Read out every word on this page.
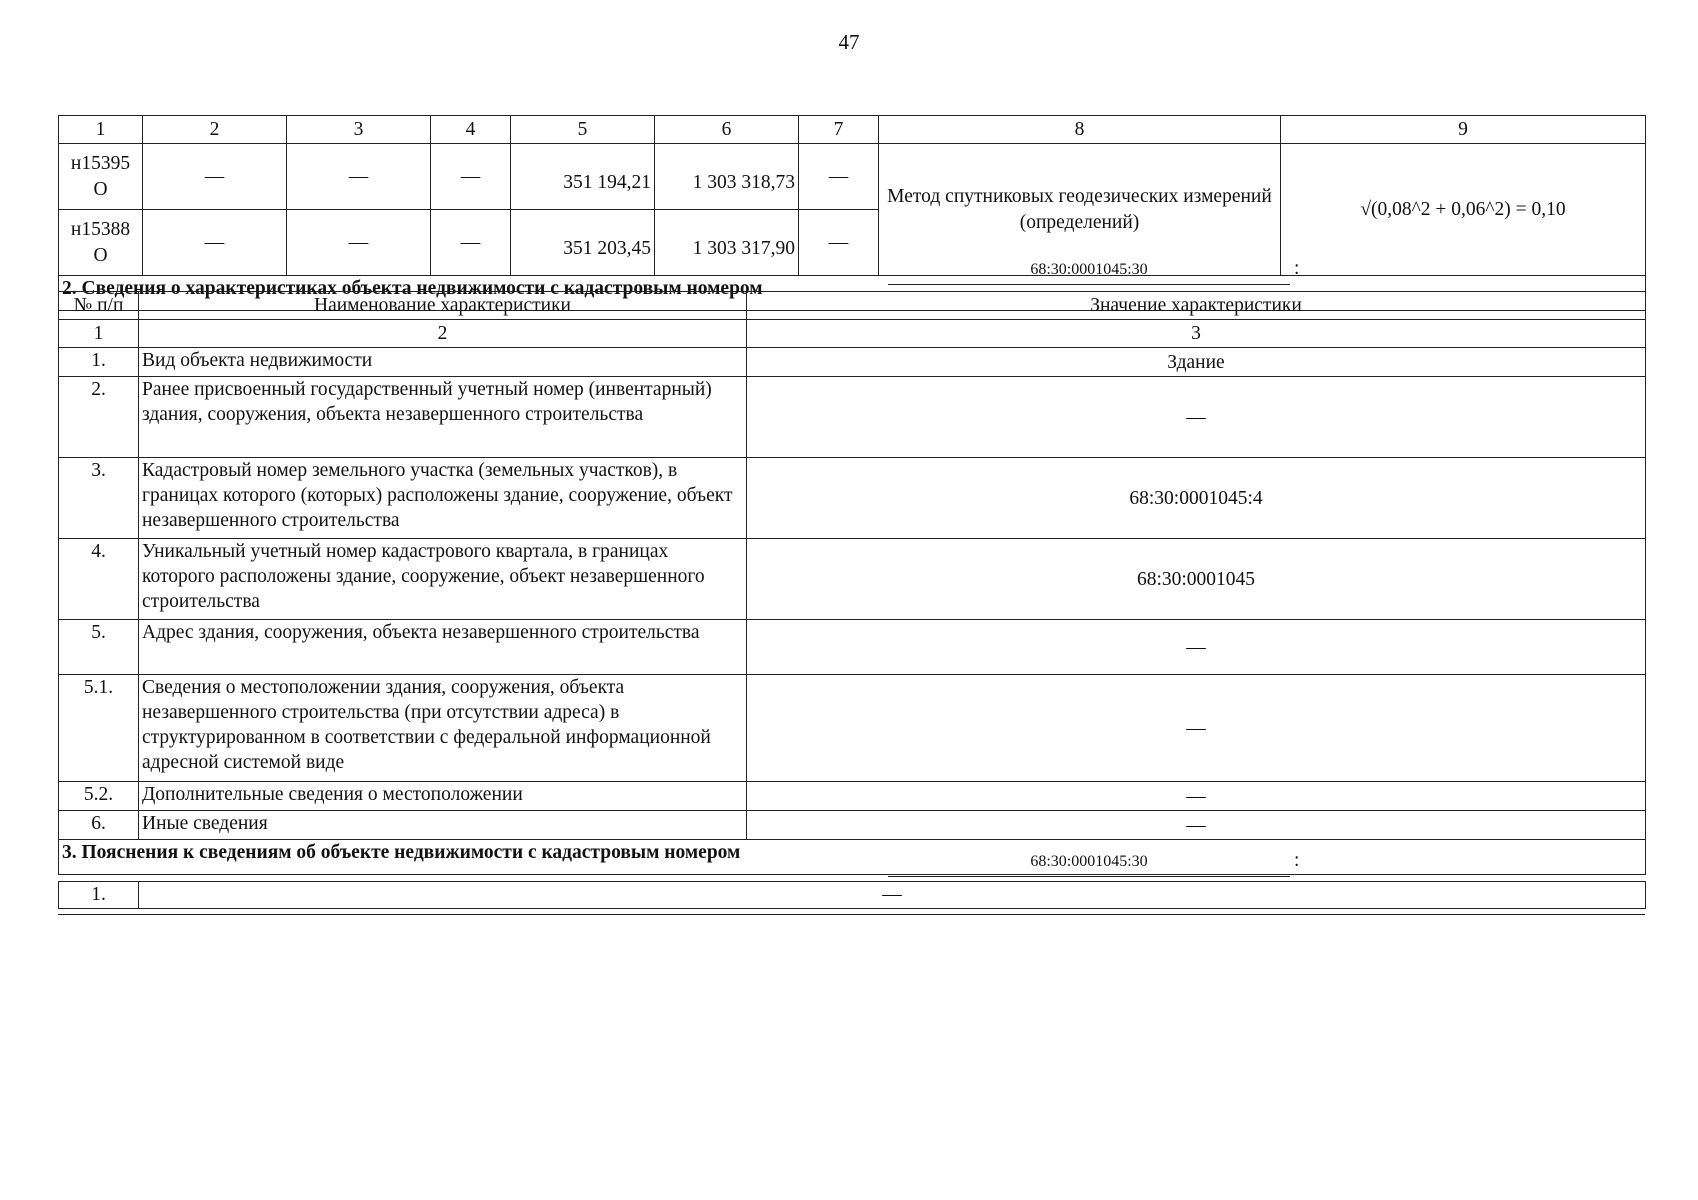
47
1	2	3	4	5	6	7	8	9
н15395 О	—	—	—	351 194,21	1 303 318,73	—	Метод спутниковых геодезических измерений (определений)	√(0,08^2 + 0,06^2) = 0,10
н15388 О	—	—	—	351 203,45	1 303 317,90	—		
2. Сведения о характеристиках объекта недвижимости с кадастровым номером								
68:30:0001045:30	:
№ п/п	Наименование характеристики	Значение характеристики
1	2	3
1.	Вид объекта недвижимости	Здание
2.	Ранее присвоенный государственный учетный номер (инвентарный) здания, сооружения, объекта незавершенного строительства	—
3.	Кадастровый номер земельного участка (земельных участков), в границах которого (которых) расположены здание, сооружение, объект незавершенного строительства	68:30:0001045:4
4.	Уникальный учетный номер кадастрового квартала, в границах которого расположены здание, сооружение, объект незавершенного строительства	68:30:0001045
5.	Адрес здания, сооружения, объекта незавершенного строительства	—
5.1.	Сведения о местоположении здания, сооружения, объекта незавершенного строительства (при отсутствии адреса) в структурированном в соответствии с федеральной информационной адресной системой виде	—
5.2.	Дополнительные сведения о местоположении	—
6.	Иные сведения	—
3. Пояснения к сведениям об объекте недвижимости с кадастровым номером			68:30:0001045:30	:
1.	—
